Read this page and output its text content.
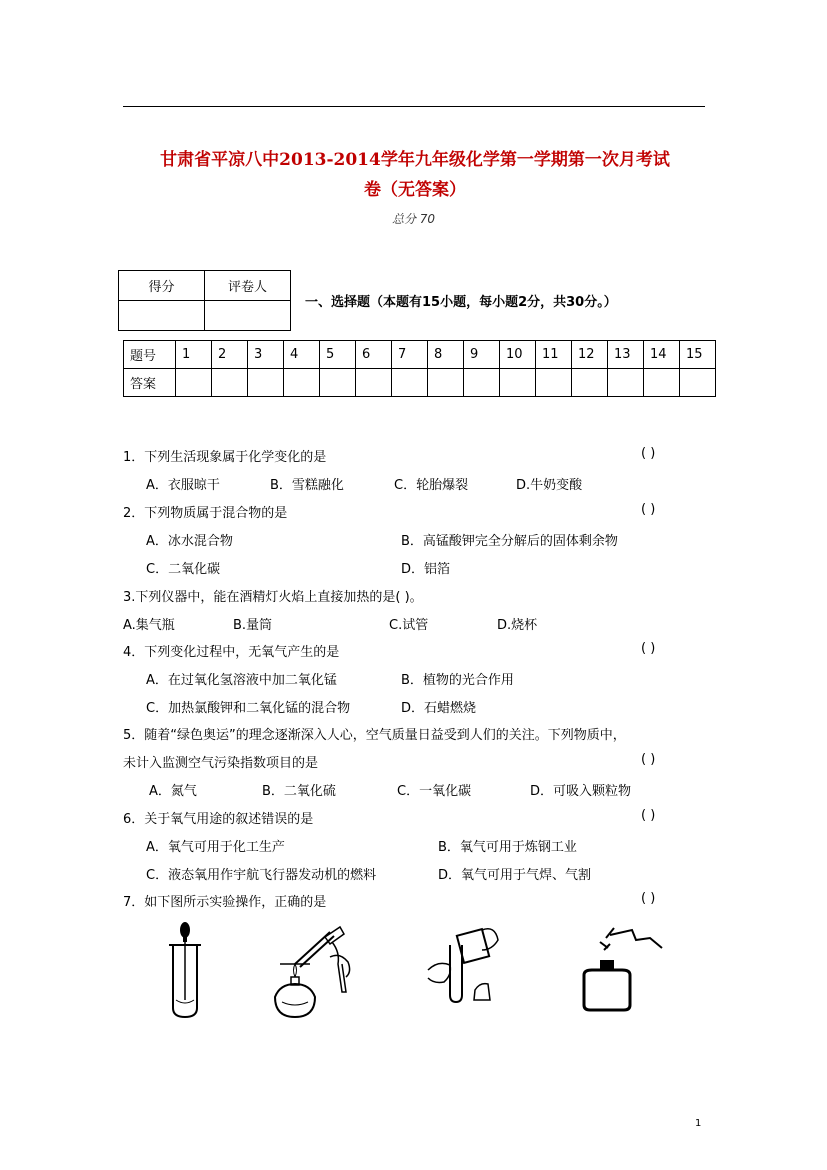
甘肃省平凉八中2013-2014学年九年级化学第一学期第一次月考试
卷（无答案）
总分 70
得分	评卷人

一、选择题（本题有15小题，每小题2分，共30分。）
题号	1	2	3	4	5	6	7	8	9	10	11	12	13	14	15
答案															
1．下列生活现象属于化学变化的是	( )
A．衣服晾干	B．雪糕融化	C．轮胎爆裂	D.牛奶变酸
2．下列物质属于混合物的是	( )
A．冰水混合物	B．高锰酸钾完全分解后的固体剩余物
C．二氧化碳	D．铝箔
3.下列仪器中，能在酒精灯火焰上直接加热的是( )。
A.集气瓶	B.量筒	C.试管	D.烧杯
4．下列变化过程中，无氧气产生的是	( )
A．在过氧化氢溶液中加二氧化锰	B．植物的光合作用
C．加热氯酸钾和二氧化锰的混合物	D．石蜡燃烧
5．随着“绿色奥运”的理念逐渐深入人心，空气质量日益受到人们的关注。下列物质中，
未计入监测空气污染指数项目的是	( )
A．氮气	B．二氧化硫	C．一氧化碳	D．可吸入颗粒物
6．关于氧气用途的叙述错误的是	( )
A．氧气可用于化工生产	B．氧气可用于炼钢工业
C．液态氧用作宇航飞行器发动机的燃料	D．氧气可用于气焊、气割
7．如下图所示实验操作，正确的是	( )
1
